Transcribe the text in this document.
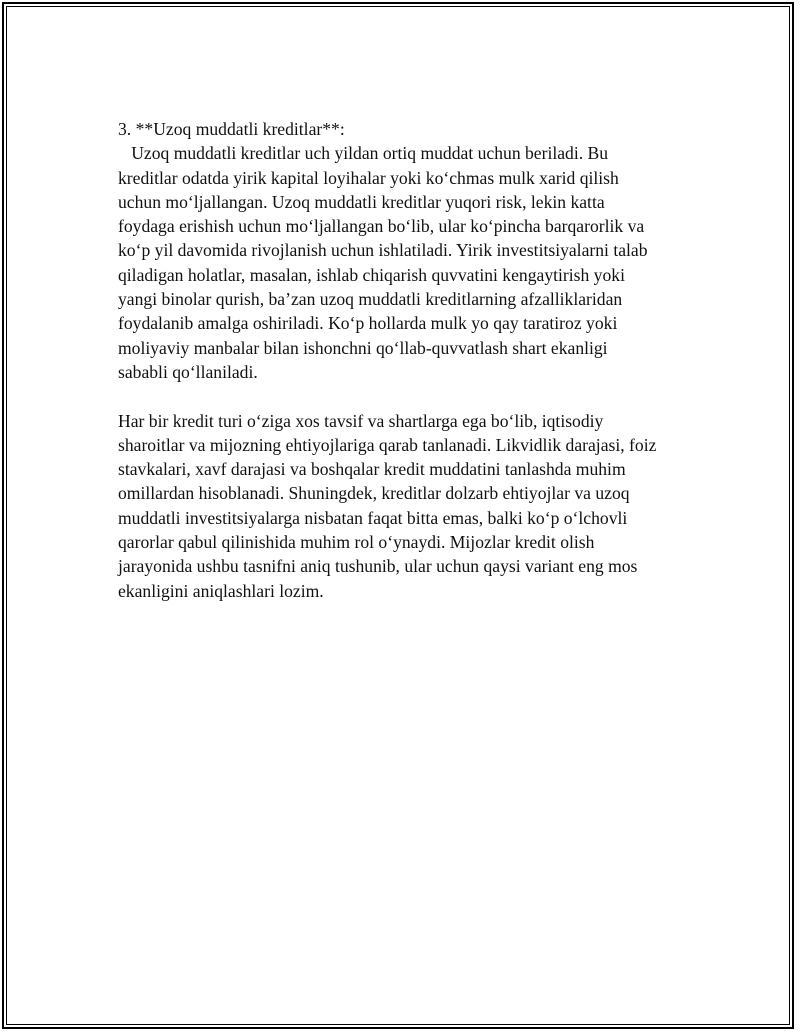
3. **Uzoq muddatli kreditlar**:
Uzoq muddatli kreditlar uch yildan ortiq muddat uchun beriladi. Bu
kreditlar odatda yirik kapital loyihalar yoki ko‘chmas mulk xarid qilish
uchun mo‘ljallangan. Uzoq muddatli kreditlar yuqori risk, lekin katta
foydaga erishish uchun mo‘ljallangan bo‘lib, ular ko‘pincha barqarorlik va
ko‘p yil davomida rivojlanish uchun ishlatiladi. Yirik investitsiyalarni talab
qiladigan holatlar, masalan, ishlab chiqarish quvvatini kengaytirish yoki
yangi binolar qurish, ba’zan uzoq muddatli kreditlarning afzalliklaridan
foydalanib amalga oshiriladi. Ko‘p hollarda mulk yo qay taratiroz yoki
moliyaviy manbalar bilan ishonchni qo‘llab-quvvatlash shart ekanligi
sababli qo‘llaniladi.
Har bir kredit turi o‘ziga xos tavsif va shartlarga ega bo‘lib, iqtisodiy
sharoitlar va mijozning ehtiyojlariga qarab tanlanadi. Likvidlik darajasi, foiz
stavkalari, xavf darajasi va boshqalar kredit muddatini tanlashda muhim
omillardan hisoblanadi. Shuningdek, kreditlar dolzarb ehtiyojlar va uzoq
muddatli investitsiyalarga nisbatan faqat bitta emas, balki ko‘p o‘lchovli
qarorlar qabul qilinishida muhim rol o‘ynaydi. Mijozlar kredit olish
jarayonida ushbu tasnifni aniq tushunib, ular uchun qaysi variant eng mos
ekanligini aniqlashlari lozim.
